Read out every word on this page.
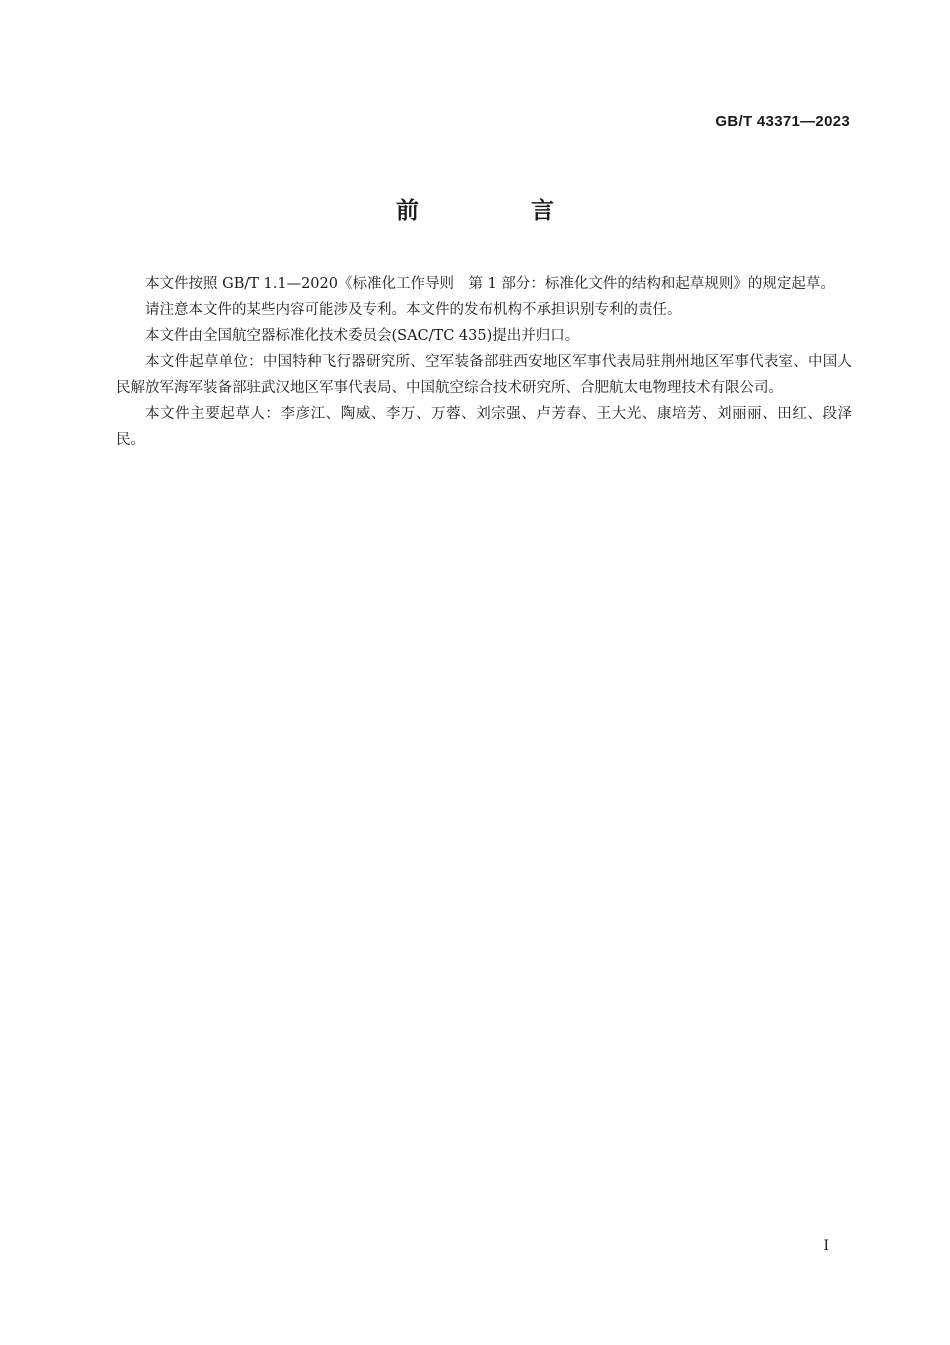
GB/T 43371—2023
前 言

本文件按照 GB/T 1.1—2020《标准化工作导则　第 1 部分：标准化文件的结构和起草规则》的规定起草。

请注意本文件的某些内容可能涉及专利。本文件的发布机构不承担识别专利的责任。

本文件由全国航空器标准化技术委员会(SAC/TC 435)提出并归口。

本文件起草单位：中国特种飞行器研究所、空军装备部驻西安地区军事代表局驻荆州地区军事代表室、中国人民解放军海军装备部驻武汉地区军事代表局、中国航空综合技术研究所、合肥航太电物理技术有限公司。

本文件主要起草人：李彦江、陶威、李万、万蓉、刘宗强、卢芳春、王大光、康培芳、刘丽丽、田红、段泽民。

I
